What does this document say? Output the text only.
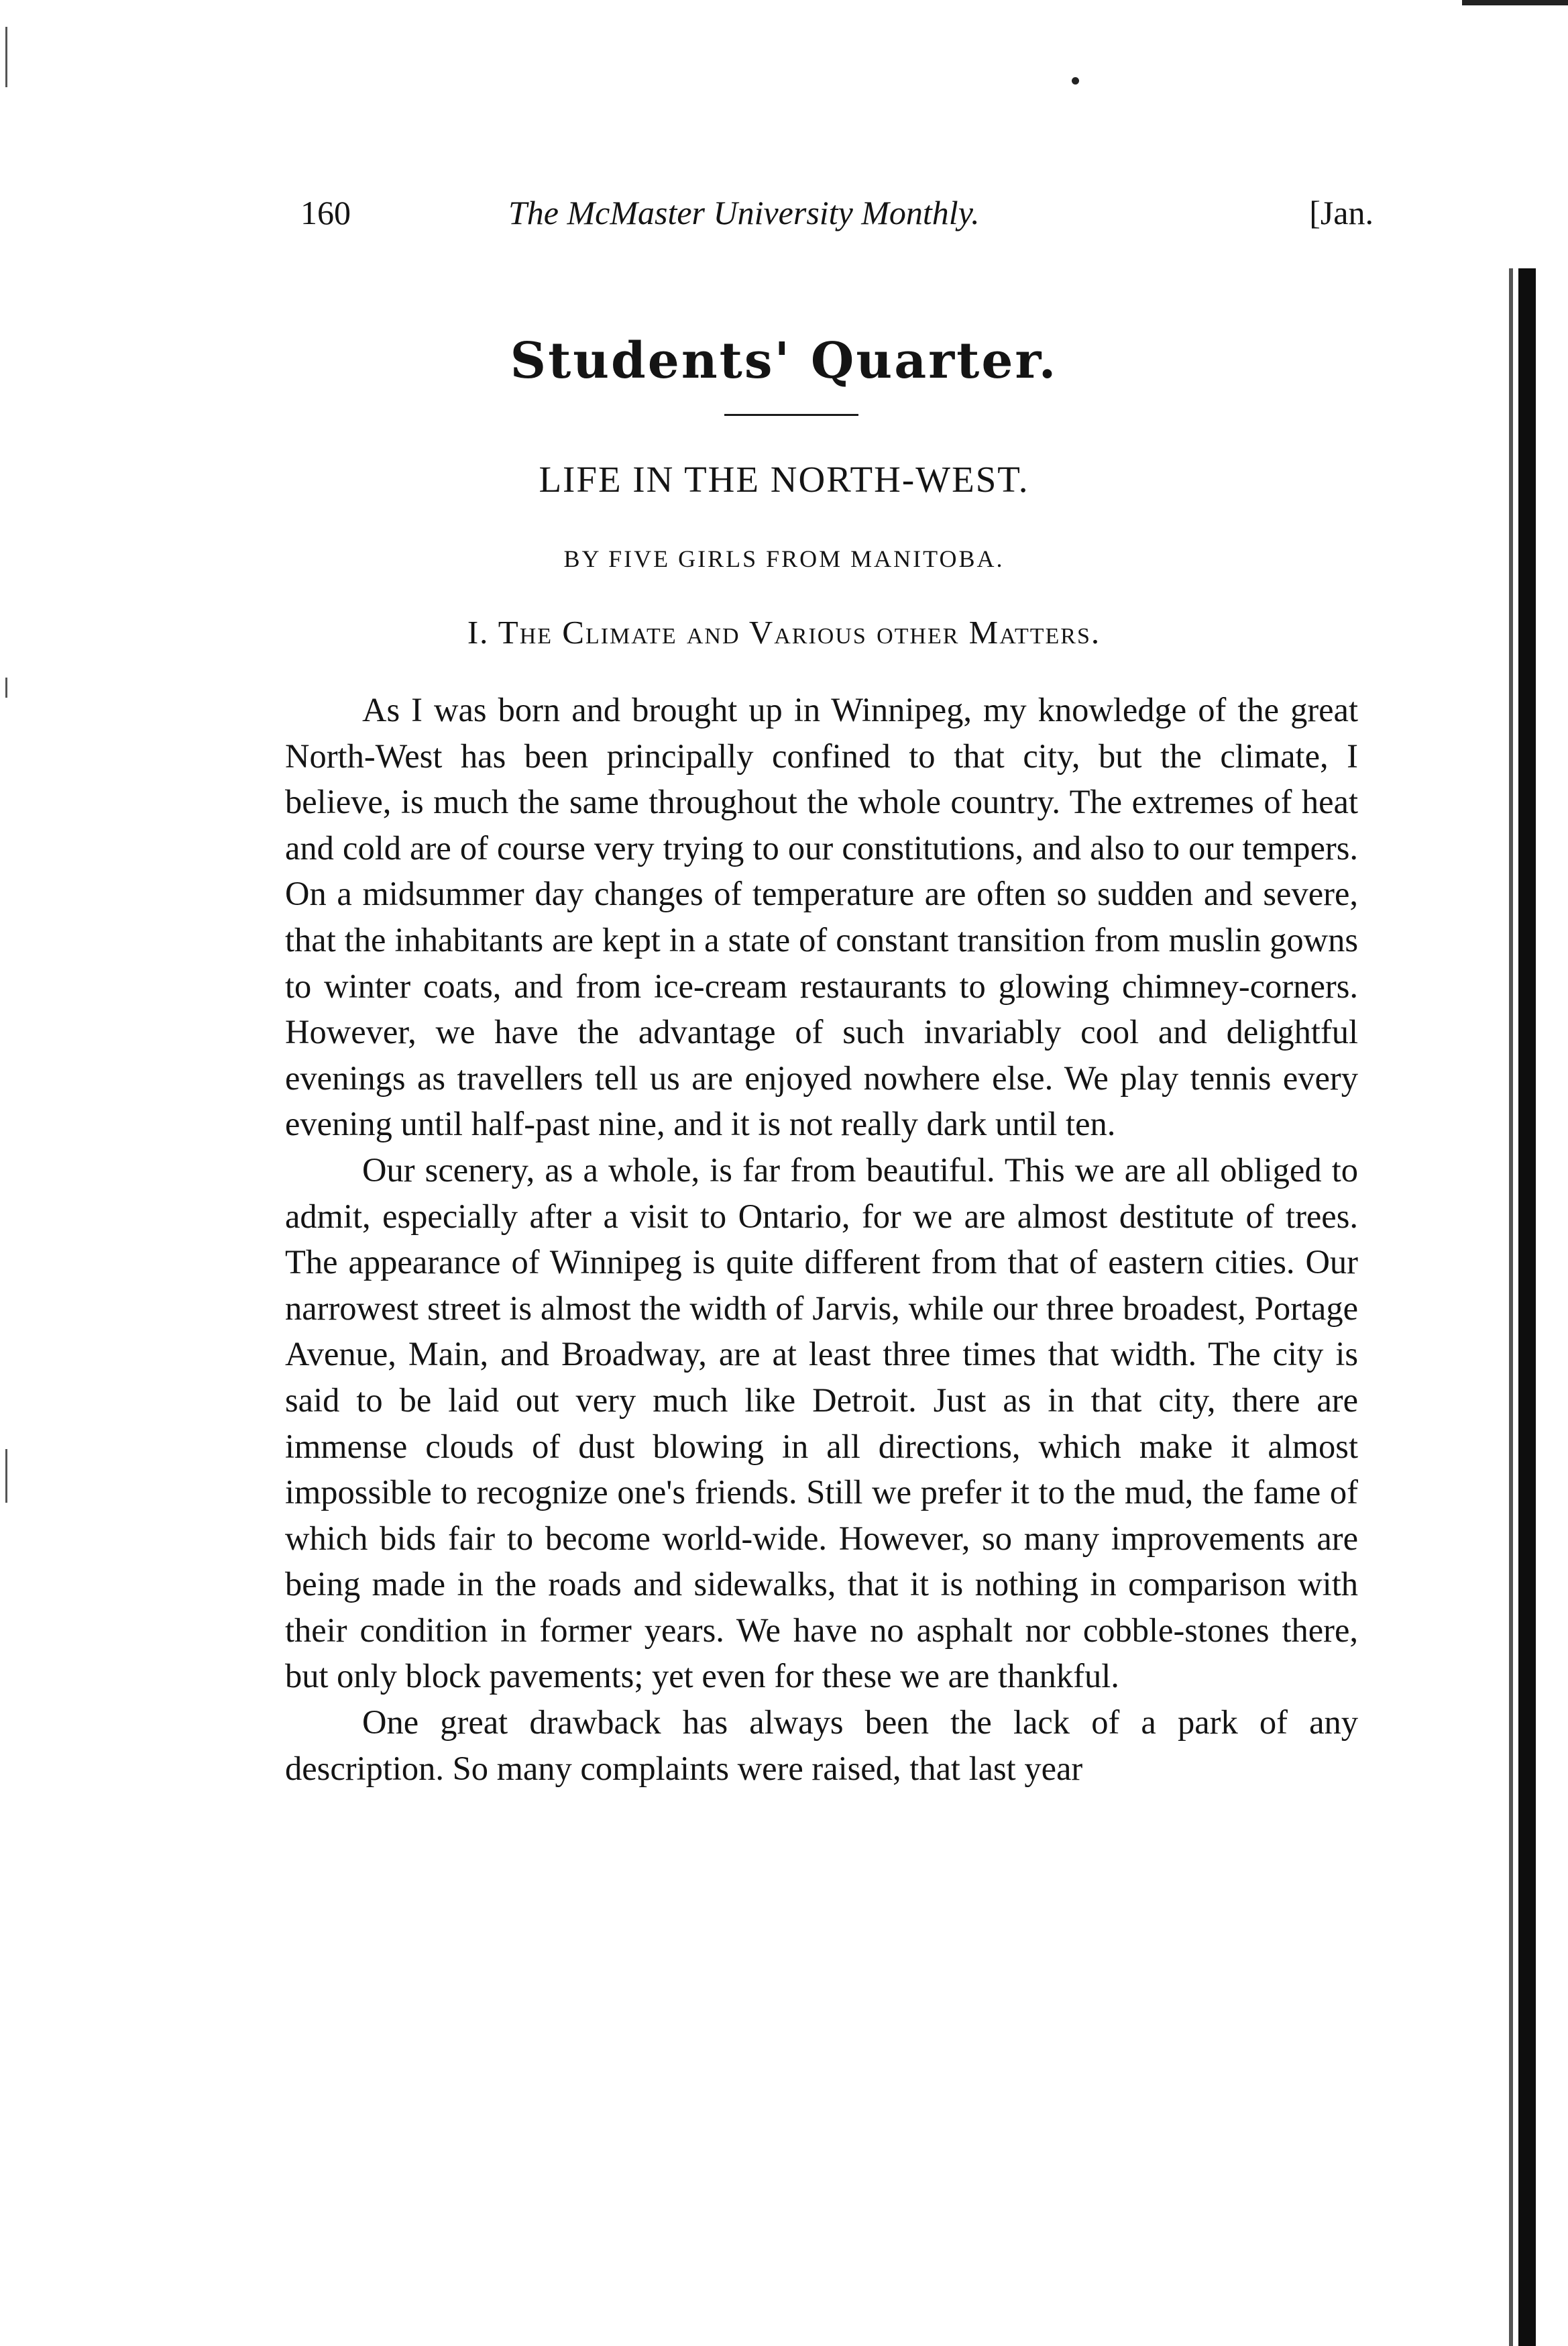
160	The McMaster University Monthly.	[Jan.
Students' Quarter.
LIFE IN THE NORTH-WEST.
BY FIVE GIRLS FROM MANITOBA.
I. The Climate and Various other Matters.

As I was born and brought up in Winnipeg, my knowledge of the great North-West has been principally confined to that city, but the climate, I believe, is much the same throughout the whole country. The extremes of heat and cold are of course very trying to our constitutions, and also to our tempers. On a midsummer day changes of temperature are often so sudden and severe, that the inhabitants are kept in a state of constant transition from muslin gowns to winter coats, and from ice-cream restaurants to glowing chimney-corners. However, we have the advantage of such invariably cool and delightful evenings as travellers tell us are enjoyed nowhere else. We play tennis every evening until half-past nine, and it is not really dark until ten.

Our scenery, as a whole, is far from beautiful. This we are all obliged to admit, especially after a visit to Ontario, for we are almost destitute of trees. The appearance of Winnipeg is quite different from that of eastern cities. Our narrowest street is almost the width of Jarvis, while our three broadest, Portage Avenue, Main, and Broadway, are at least three times that width. The city is said to be laid out very much like Detroit. Just as in that city, there are immense clouds of dust blowing in all directions, which make it almost impossible to recognize one's friends. Still we prefer it to the mud, the fame of which bids fair to become world-wide. However, so many improvements are being made in the roads and sidewalks, that it is nothing in comparison with their condition in former years. We have no asphalt nor cobble-stones there, but only block pavements; yet even for these we are thankful.

One great drawback has always been the lack of a park of any description. So many complaints were raised, that last year
